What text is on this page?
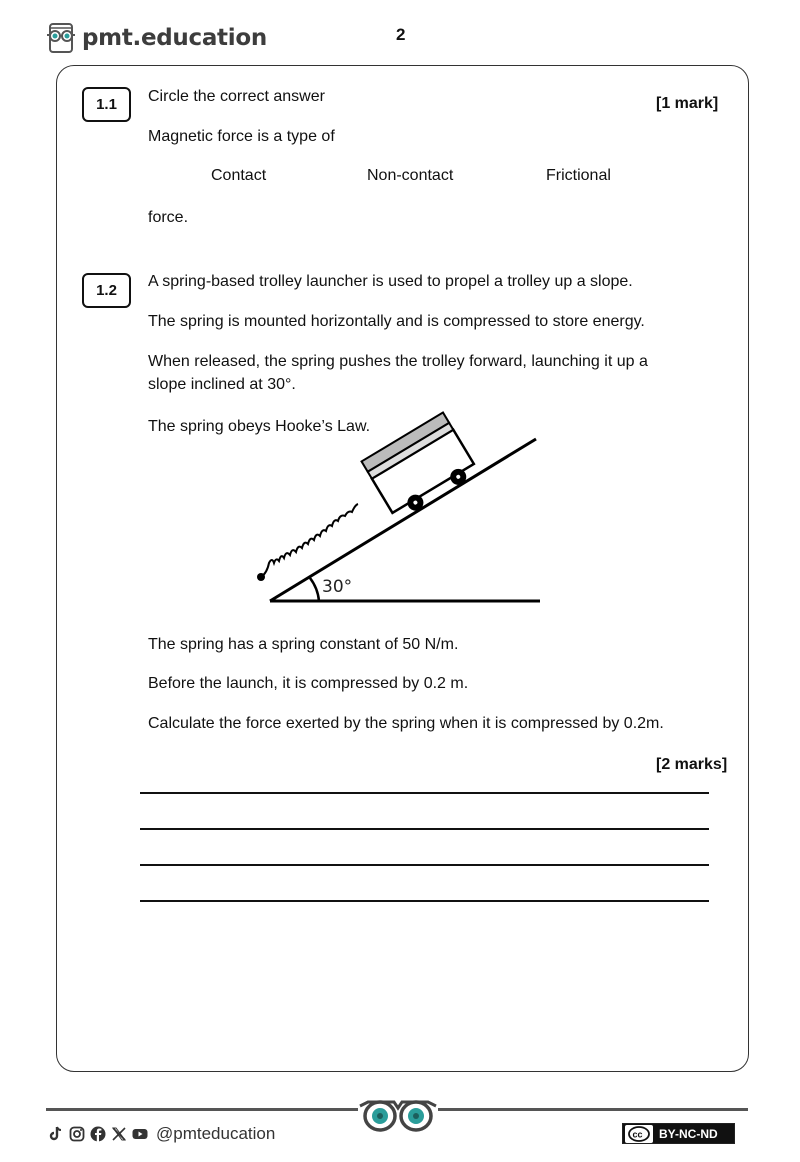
pmt.education	2
1.1	Circle the correct answer	[1 mark]
Magnetic force is a type of
Contact	Non-contact	Frictional
force.
1.2
A spring-based trolley launcher is used to propel a trolley up a slope.
The spring is mounted horizontally and is compressed to store energy.
When released, the spring pushes the trolley forward, launching it up a
slope inclined at 30°.
The spring obeys Hooke’s Law.
30°
The spring has a spring constant of 50 N/m.
Before the launch, it is compressed by 0.2 m.
Calculate the force exerted by the spring when it is compressed by 0.2m.
[2 marks]
@pmteducation	cc BY-NC-ND
